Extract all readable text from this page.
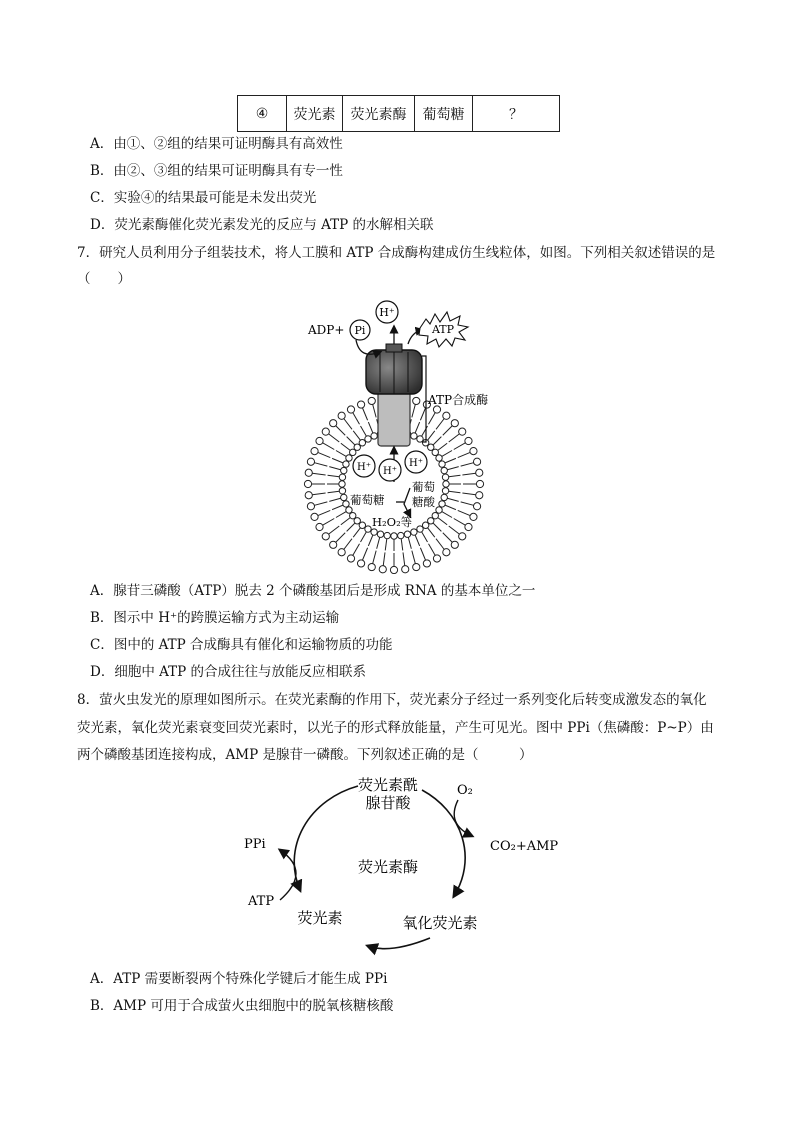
④	荧光素	荧光素酶	葡萄糖	？
A．由①、②组的结果可证明酶具有高效性
B．由②、③组的结果可证明酶具有专一性
C．实验④的结果最可能是未发出荧光
D．荧光素酶催化荧光素发光的反应与 ATP 的水解相关联
7．研究人员利用分子组装技术，将人工膜和 ATP 合成酶构建成仿生线粒体，如图。下列相关叙述错误的是
（　　）
ATP合成酶
ADP+ Pi
H⁺
ATP
H⁺ H⁺
H⁺
葡萄糖
葡萄
糖酸
H₂O₂等
A．腺苷三磷酸（ATP）脱去 2 个磷酸基团后是形成 RNA 的基本单位之一
B．图示中 H⁺的跨膜运输方式为主动运输
C．图中的 ATP 合成酶具有催化和运输物质的功能
D．细胞中 ATP 的合成往往与放能反应相联系
8．萤火虫发光的原理如图所示。在荧光素酶的作用下，荧光素分子经过一系列变化后转变成激发态的氧化
荧光素，氧化荧光素衰变回荧光素时，以光子的形式释放能量，产生可见光。图中 PPi（焦磷酸：P~P）由
两个磷酸基团连接构成，AMP 是腺苷一磷酸。下列叙述正确的是（　　　）
荧光素酰
腺苷酸
荧光素酶
荧光素	氧化荧光素
O₂
CO₂+AMP
PPi
ATP
A．ATP 需要断裂两个特殊化学键后才能生成 PPi
B．AMP 可用于合成萤火虫细胞中的脱氧核糖核酸
